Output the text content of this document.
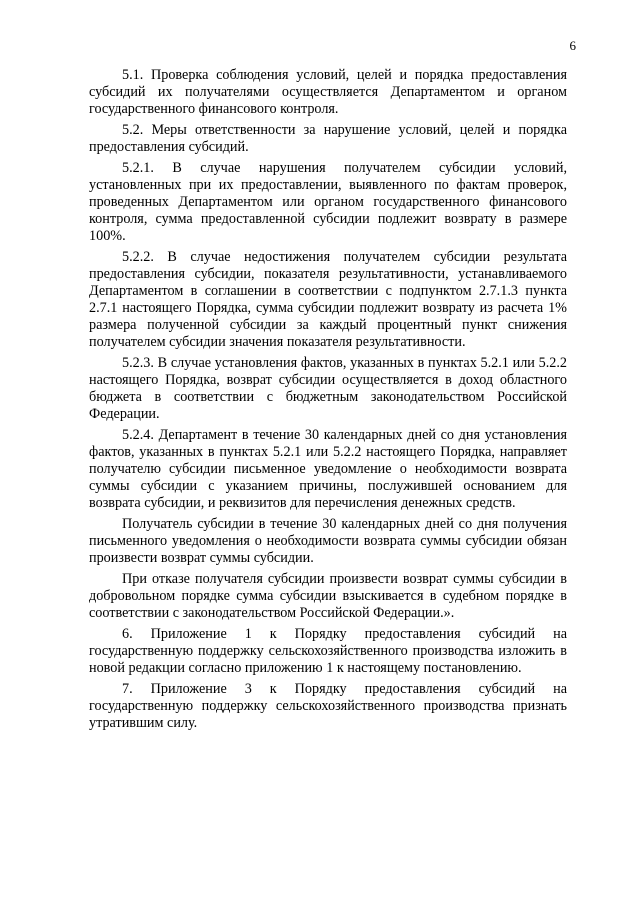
6

5.1. Проверка соблюдения условий, целей и порядка предоставления субсидий их получателями осуществляется Департаментом и органом государственного финансового контроля.

5.2. Меры ответственности за нарушение условий, целей и порядка предоставления субсидий.

5.2.1. В случае нарушения получателем субсидии условий, установленных при их предоставлении, выявленного по фактам проверок, проведенных Департаментом или органом государственного финансового контроля, сумма предоставленной субсидии подлежит возврату в размере 100%.

5.2.2. В случае недостижения получателем субсидии результата предоставления субсидии, показателя результативности, устанавливаемого Департаментом в соглашении в соответствии с подпунктом 2.7.1.3 пункта 2.7.1 настоящего Порядка, сумма субсидии подлежит возврату из расчета 1% размера полученной субсидии за каждый процентный пункт снижения получателем субсидии значения показателя результативности.

5.2.3. В случае установления фактов, указанных в пунктах 5.2.1 или 5.2.2 настоящего Порядка, возврат субсидии осуществляется в доход областного бюджета в соответствии с бюджетным законодательством Российской Федерации.

5.2.4. Департамент в течение 30 календарных дней со дня установления фактов, указанных в пунктах 5.2.1 или 5.2.2 настоящего Порядка, направляет получателю субсидии письменное уведомление о необходимости возврата суммы субсидии с указанием причины, послужившей основанием для возврата субсидии, и реквизитов для перечисления денежных средств.

Получатель субсидии в течение 30 календарных дней со дня получения письменного уведомления о необходимости возврата суммы субсидии обязан произвести возврат суммы субсидии.

При отказе получателя субсидии произвести возврат суммы субсидии в добровольном порядке сумма субсидии взыскивается в судебном порядке в соответствии с законодательством Российской Федерации.».

6. Приложение 1 к Порядку предоставления субсидий на государственную поддержку сельскохозяйственного производства изложить в новой редакции согласно приложению 1 к настоящему постановлению.

7. Приложение 3 к Порядку предоставления субсидий на государственную поддержку сельскохозяйственного производства признать утратившим силу.
